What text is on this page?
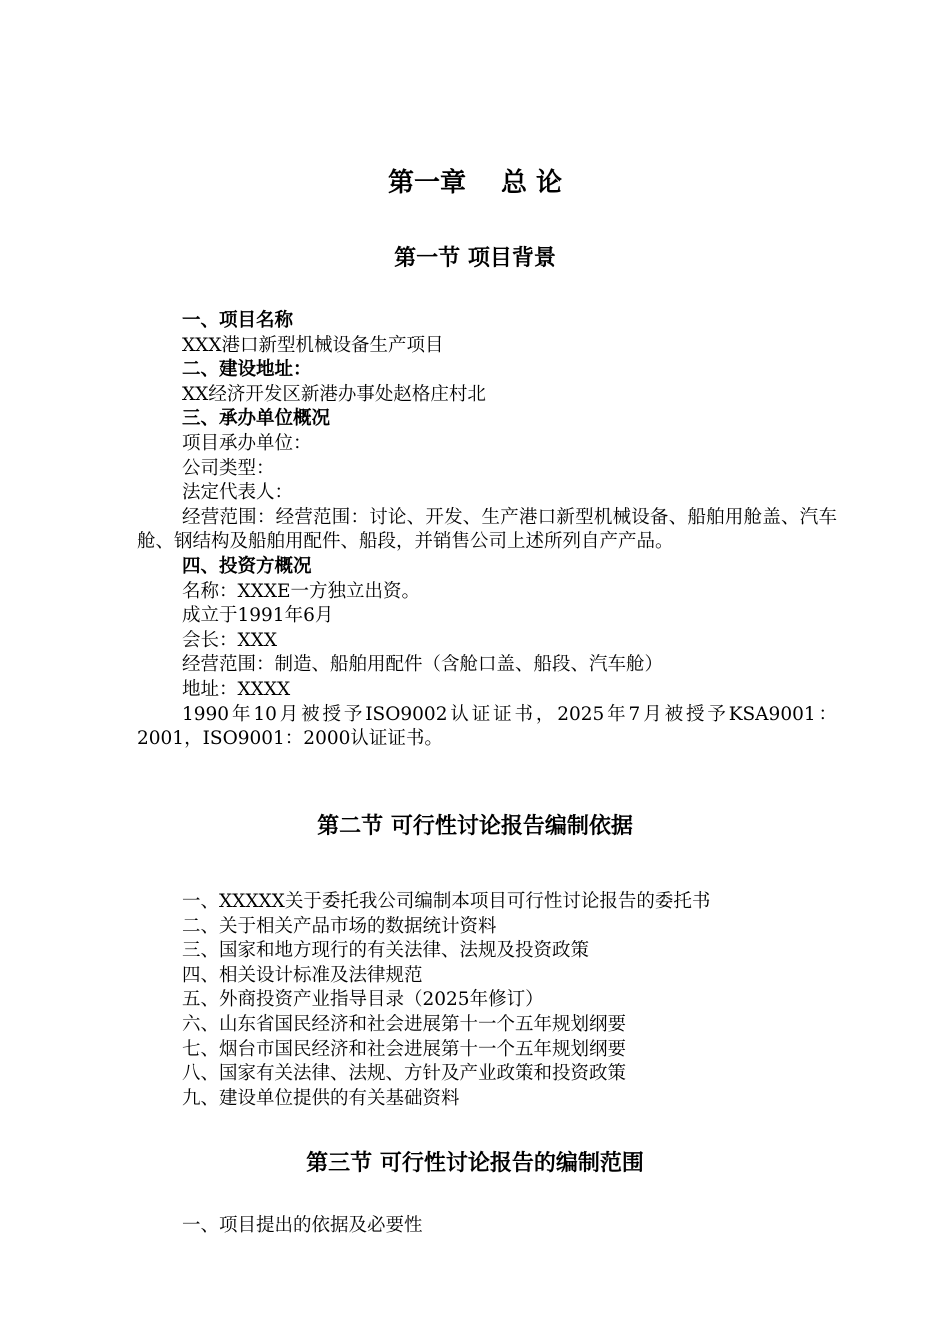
第一章　 总 论
第一节 项目背景
一、项目名称
XXX港口新型机械设备生产项目
二、建设地址：
XX经济开发区新港办事处赵格庄村北
三、承办单位概况
项目承办单位：
公司类型：
法定代表人：
经营范围：经营范围：讨论、开发、生产港口新型机械设备、船舶用舱盖、汽车舱、钢结构及船舶用配件、船段，并销售公司上述所列自产产品。
四、投资方概况
名称：XXXE一方独立出资。
成立于1991年6月
会长：XXX
经营范围：制造、船舶用配件（含舱口盖、船段、汽车舱）
地址：XXXX
1990年10月被授予ISO9002认证证书，2025年7月被授予KSA9001：2001，ISO9001：2000认证证书。
第二节 可行性讨论报告编制依据
一、XXXXX关于委托我公司编制本项目可行性讨论报告的委托书
二、关于相关产品市场的数据统计资料
三、国家和地方现行的有关法律、法规及投资政策
四、相关设计标准及法律规范
五、外商投资产业指导目录（2025年修订）
六、山东省国民经济和社会进展第十一个五年规划纲要
七、烟台市国民经济和社会进展第十一个五年规划纲要
八、国家有关法律、法规、方针及产业政策和投资政策
九、建设单位提供的有关基础资料
第三节 可行性讨论报告的编制范围
一、项目提出的依据及必要性
